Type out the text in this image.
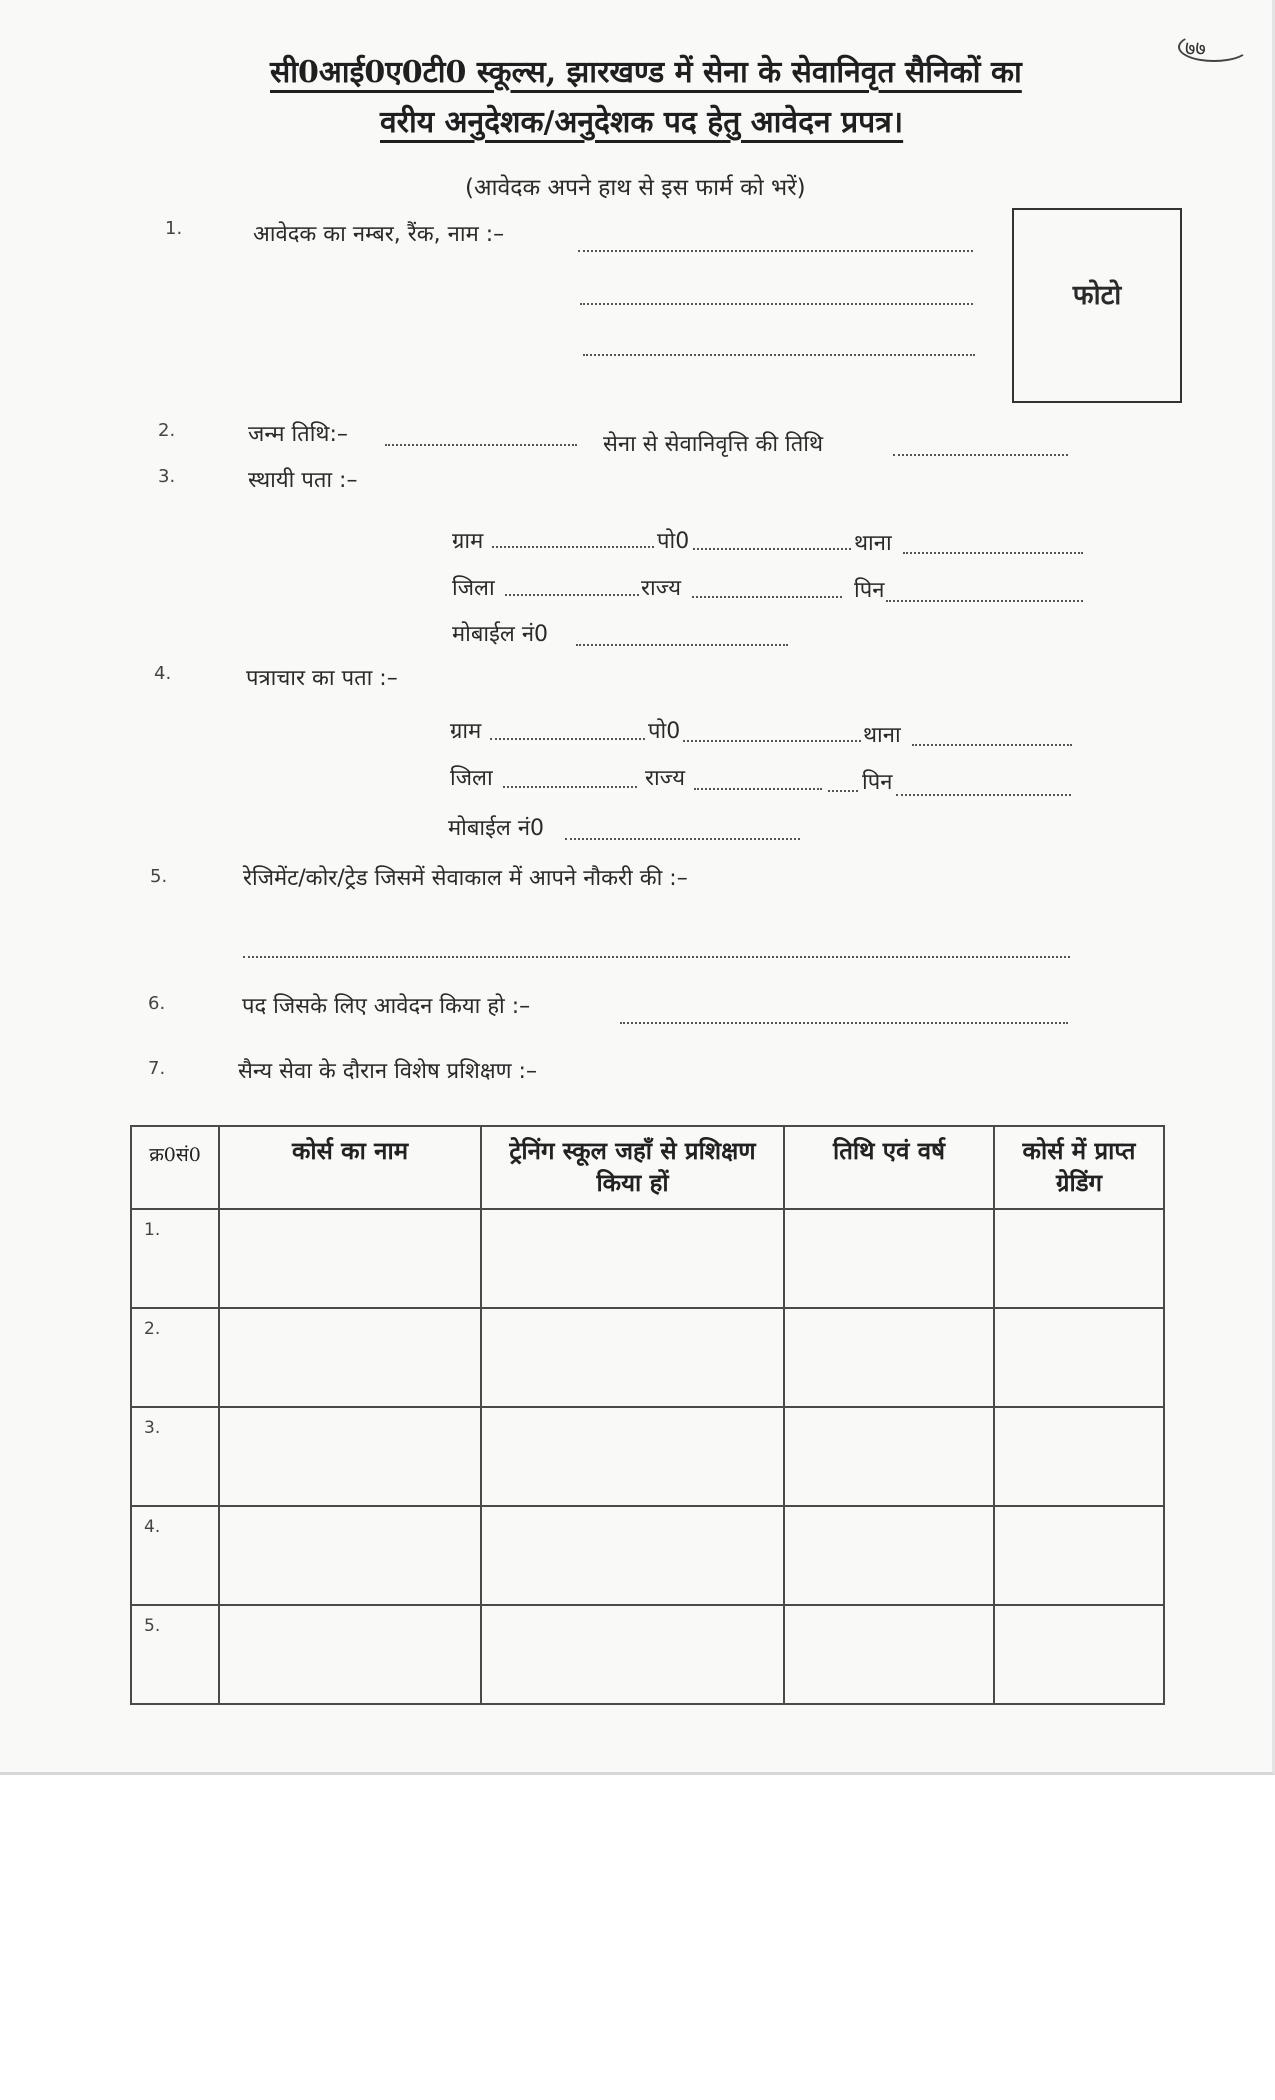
७७
सी0आई0ए0टी0 स्कूल्स, झारखण्ड में सेना के सेवानिवृत सैनिकों का
वरीय अनुदेशक/अनुदेशक पद हेतु आवेदन प्रपत्र।
(आवेदक अपने हाथ से इस फार्म को भरें)
फोटो
1.	आवेदक का नम्बर, रैंक, नाम :–
2.	जन्म तिथि:–	सेना से सेवानिवृत्ति की तिथि
3.	स्थायी पता :–
ग्राम	पो0	थाना
जिला	राज्य	पिन
मोबाईल नं0
4.	पत्राचार का पता :–
ग्राम	पो0	थाना
जिला	राज्य	पिन
मोबाईल नं0
5.	रेजिमेंट/कोर/ट्रेड जिसमें सेवाकाल में आपने नौकरी की :–
6.	पद जिसके लिए आवेदन किया हो :–
7.	सैन्य सेवा के दौरान विशेष प्रशिक्षण :–
क्र0सं0	कोर्स का नाम	ट्रेनिंग स्कूल जहाँ से प्रशिक्षण किया हों	तिथि एवं वर्ष	कोर्स में प्राप्त ग्रेडिंग
1.				
2.				
3.				
4.				
5.				
